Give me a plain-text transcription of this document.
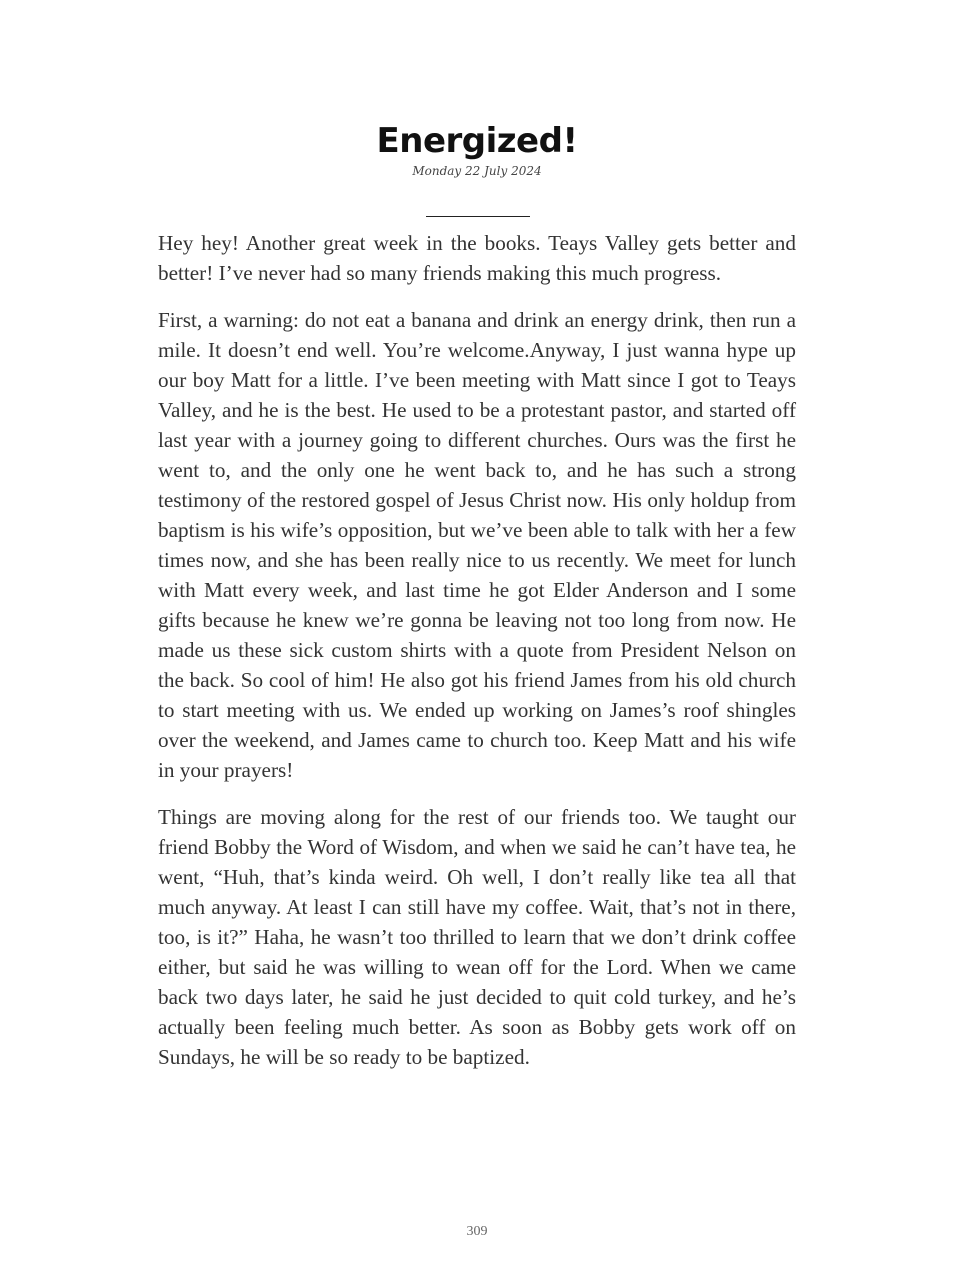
Energized!
Monday 22 July 2024

Hey hey! Another great week in the books. Teays Valley gets better and better! I’ve never had so many friends making this much progress.

First, a warning: do not eat a banana and drink an energy drink, then run a mile. It doesn’t end well. You’re welcome.Anyway, I just wanna hype up our boy Matt for a little. I’ve been meeting with Matt since I got to Teays Valley, and he is the best. He used to be a protestant pastor, and started off last year with a journey going to different churches. Ours was the first he went to, and the only one he went back to, and he has such a strong testimony of the restored gospel of Jesus Christ now. His only holdup from baptism is his wife’s opposition, but we’ve been able to talk with her a few times now, and she has been really nice to us recently. We meet for lunch with Matt every week, and last time he got Elder Anderson and I some gifts because he knew we’re gonna be leaving not too long from now. He made us these sick custom shirts with a quote from President Nelson on the back. So cool of him! He also got his friend James from his old church to start meeting with us. We ended up working on James’s roof shingles over the weekend, and James came to church too. Keep Matt and his wife in your prayers!

Things are moving along for the rest of our friends too. We taught our friend Bobby the Word of Wisdom, and when we said he can’t have tea, he went, “Huh, that’s kinda weird. Oh well, I don’t really like tea all that much anyway. At least I can still have my coffee. Wait, that’s not in there, too, is it?” Haha, he wasn’t too thrilled to learn that we don’t drink coffee either, but said he was willing to wean off for the Lord. When we came back two days later, he said he just decided to quit cold turkey, and he’s actually been feeling much better. As soon as Bobby gets work off on Sundays, he will be so ready to be baptized.

309
